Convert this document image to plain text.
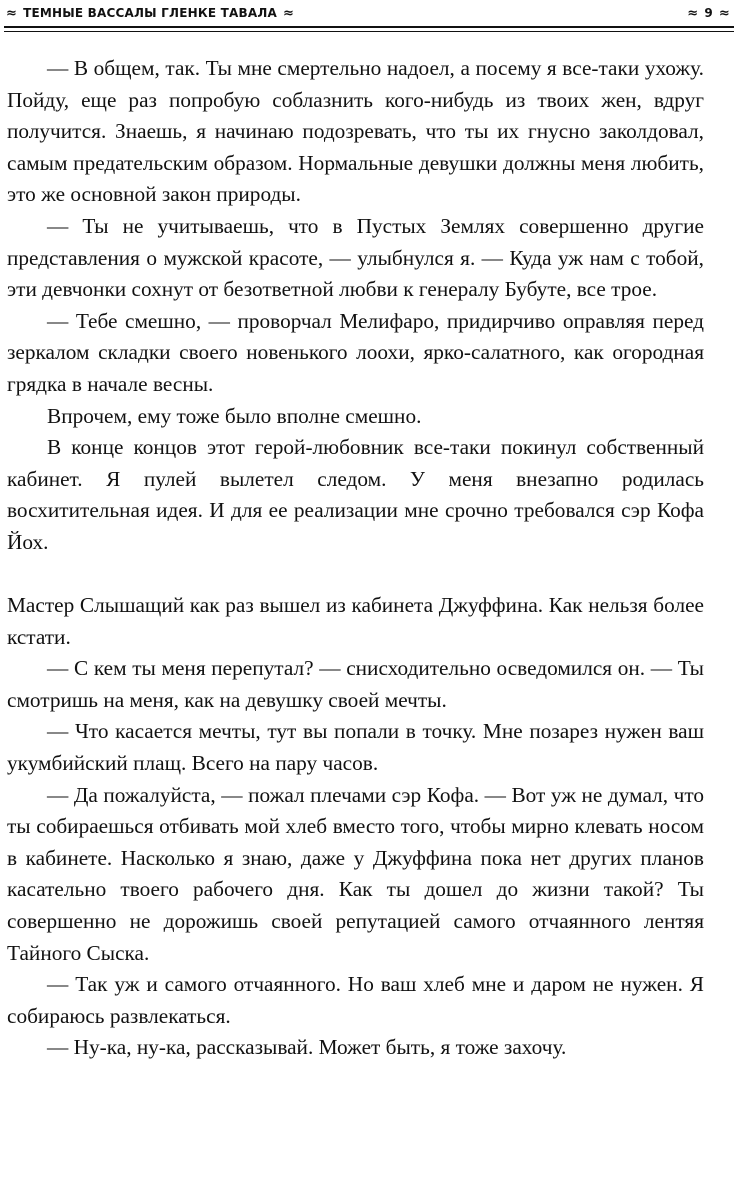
≈ ТЕМНЫЕ ВАССАЛЫ ГЛЕНКЕ ТАВАЛА ≈	≈ 9 ≈

— В общем, так. Ты мне смертельно надоел, а посему я все-таки ухожу. Пойду, еще раз попробую соблазнить кого-нибудь из твоих жен, вдруг получится. Знаешь, я начинаю подозревать, что ты их гнусно заколдовал, самым предательским образом. Нормальные девушки должны меня любить, это же основной закон природы.

— Ты не учитываешь, что в Пустых Землях совершенно другие представления о мужской красоте, — улыбнулся я. — Куда уж нам с тобой, эти девчонки сохнут от безответной любви к генералу Бубуте, все трое.

— Тебе смешно, — проворчал Мелифаро, придирчиво оправляя перед зеркалом складки своего новенького лоохи, ярко-салатного, как огородная грядка в начале весны.

Впрочем, ему тоже было вполне смешно.

В конце концов этот герой-любовник все-таки покинул собственный кабинет. Я пулей вылетел следом. У меня внезапно родилась восхитительная идея. И для ее реализации мне срочно требовался сэр Кофа Йох.

Мастер Слышащий как раз вышел из кабинета Джуффина. Как нельзя более кстати.

— С кем ты меня перепутал? — снисходительно осведомился он. — Ты смотришь на меня, как на девушку своей мечты.

— Что касается мечты, тут вы попали в точку. Мне позарез нужен ваш укумбийский плащ. Всего на пару часов.

— Да пожалуйста, — пожал плечами сэр Кофа. — Вот уж не думал, что ты собираешься отбивать мой хлеб вместо того, чтобы мирно клевать носом в кабинете. Насколько я знаю, даже у Джуффина пока нет других планов касательно твоего рабочего дня. Как ты дошел до жизни такой? Ты совершенно не дорожишь своей репутацией самого отчаянного лентяя Тайного Сыска.

— Так уж и самого отчаянного. Но ваш хлеб мне и даром не нужен. Я собираюсь развлекаться.

— Ну-ка, ну-ка, рассказывай. Может быть, я тоже захочу.
